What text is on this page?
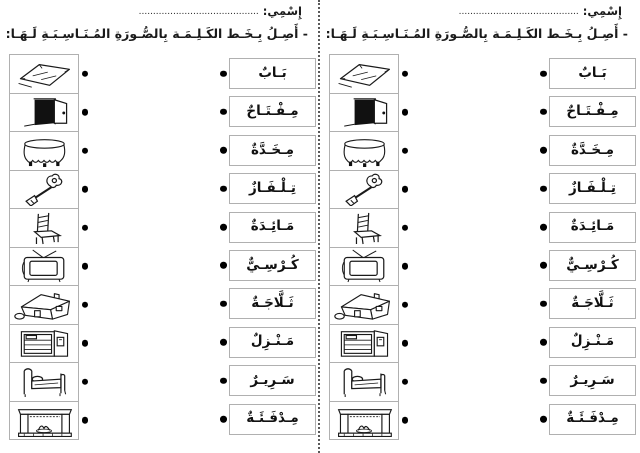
إِسْمِي: ..........................................
‏- أَصِـلُ بِـخَـط الكَـلِـمَـة بِالصُّـورَةِ المُـنَـاسِـبَـةِ لَـهَـا:
بَـابٌ
مِـفْـتَـاحٌ
مِـخَـدَّةٌ
تِـلْـفَـازٌ
مَـائِـدَةٌ
كُـرْسِـيٌّ
ثَـلَّاجَـةٌ
مَـنْـزِلٌ
سَـرِيـرٌ
مِـدْفَـئَـةٌ
إِسْمِي: ..........................................
‏- أَصِـلُ بِـخَـط الكَـلِـمَـة بِالصُّـورَةِ المُـنَـاسِـبَـةِ لَـهَـا:
بَـابٌ
مِـفْـتَـاحٌ
مِـخَـدَّةٌ
تِـلْـفَـازٌ
مَـائِـدَةٌ
كُـرْسِـيٌّ
ثَـلَّاجَـةٌ
مَـنْـزِلٌ
سَـرِيـرٌ
مِـدْفَـئَـةٌ
